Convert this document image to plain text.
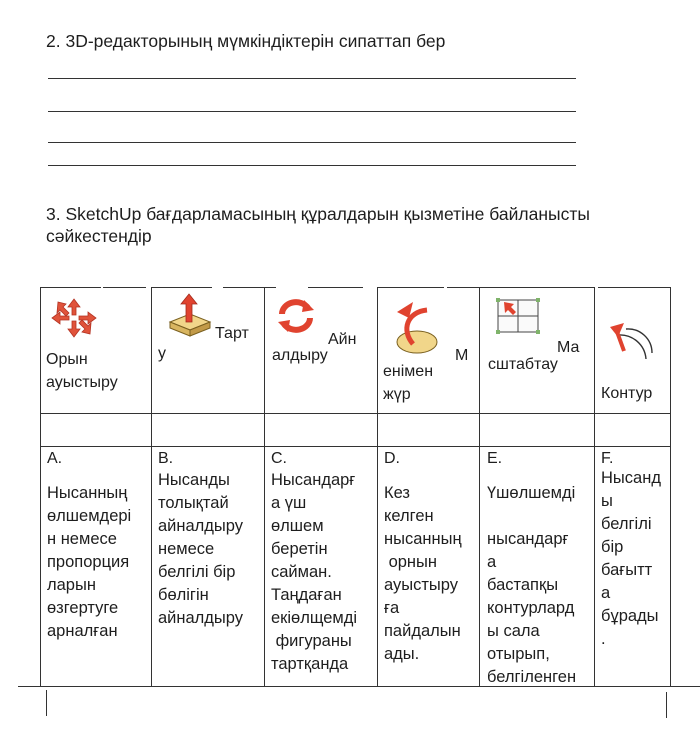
2. 3D-редакторының мүмкіндіктерін сипаттап бер
3. SketchUp бағдарламасының құралдарын қызметіне байланысты сәйкестендір
Орын
ауыстыру
Тарт
у
Айн
алдыру	М
енімен
жүр
Ма
сштабтау
Контур
A.
Нысанның
өлшемдері
н немесе
пропорция
ларын
өзгертуге
арналған
B.
Нысанды
толықтай
айналдыру
немесе
белгілі бір
бөлігін
айналдыру
C.
Нысандарғ
а үш
өлшем
беретін
сайман.
Таңдаған
екіөлщемді
фигураны
тартқанда
D.
Кез
келген
нысанның
орнын
ауыстыру
ға
пайдалын
ады.
E.
Үшөлшемді

нысандарғ
а
бастапқы
контурлард
ы сала
отырып,
белгіленген
F.
Нысанд
ы
белгілі
бір
бағытт
а
бұрады
.
